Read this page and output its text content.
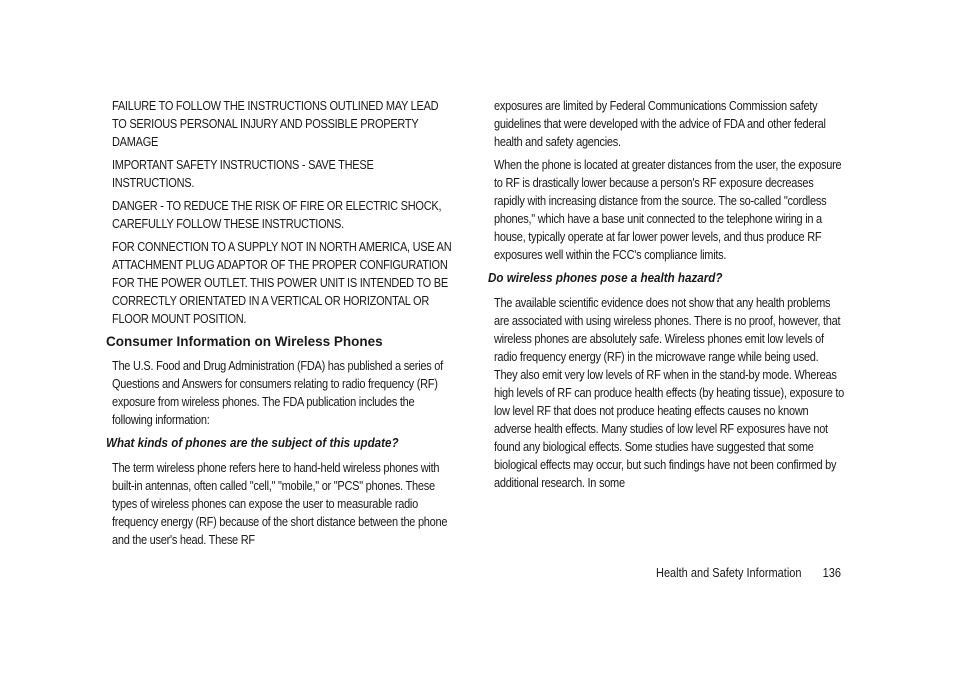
FAILURE TO FOLLOW THE INSTRUCTIONS OUTLINED MAY LEAD TO SERIOUS PERSONAL INJURY AND POSSIBLE PROPERTY DAMAGE

IMPORTANT SAFETY INSTRUCTIONS - SAVE THESE INSTRUCTIONS.

DANGER - TO REDUCE THE RISK OF FIRE OR ELECTRIC SHOCK, CAREFULLY FOLLOW THESE INSTRUCTIONS.

FOR CONNECTION TO A SUPPLY NOT IN NORTH AMERICA, USE AN ATTACHMENT PLUG ADAPTOR OF THE PROPER CONFIGURATION FOR THE POWER OUTLET. THIS POWER UNIT IS INTENDED TO BE CORRECTLY ORIENTATED IN A VERTICAL OR HORIZONTAL OR FLOOR MOUNT POSITION.

Consumer Information on Wireless Phones

The U.S. Food and Drug Administration (FDA) has published a series of Questions and Answers for consumers relating to radio frequency (RF) exposure from wireless phones. The FDA publication includes the following information:

What kinds of phones are the subject of this update?

The term wireless phone refers here to hand-held wireless phones with built-in antennas, often called "cell," "mobile," or "PCS" phones. These types of wireless phones can expose the user to measurable radio frequency energy (RF) because of the short distance between the phone and the user's head. These RF

exposures are limited by Federal Communications Commission safety guidelines that were developed with the advice of FDA and other federal health and safety agencies.

When the phone is located at greater distances from the user, the exposure to RF is drastically lower because a person's RF exposure decreases rapidly with increasing distance from the source. The so-called "cordless phones," which have a base unit connected to the telephone wiring in a house, typically operate at far lower power levels, and thus produce RF exposures well within the FCC's compliance limits.

Do wireless phones pose a health hazard?

The available scientific evidence does not show that any health problems are associated with using wireless phones. There is no proof, however, that wireless phones are absolutely safe. Wireless phones emit low levels of radio frequency energy (RF) in the microwave range while being used. They also emit very low levels of RF when in the stand-by mode. Whereas high levels of RF can produce health effects (by heating tissue), exposure to low level RF that does not produce heating effects causes no known adverse health effects. Many studies of low level RF exposures have not found any biological effects. Some studies have suggested that some biological effects may occur, but such findings have not been confirmed by additional research. In some

Health and Safety Information 136
